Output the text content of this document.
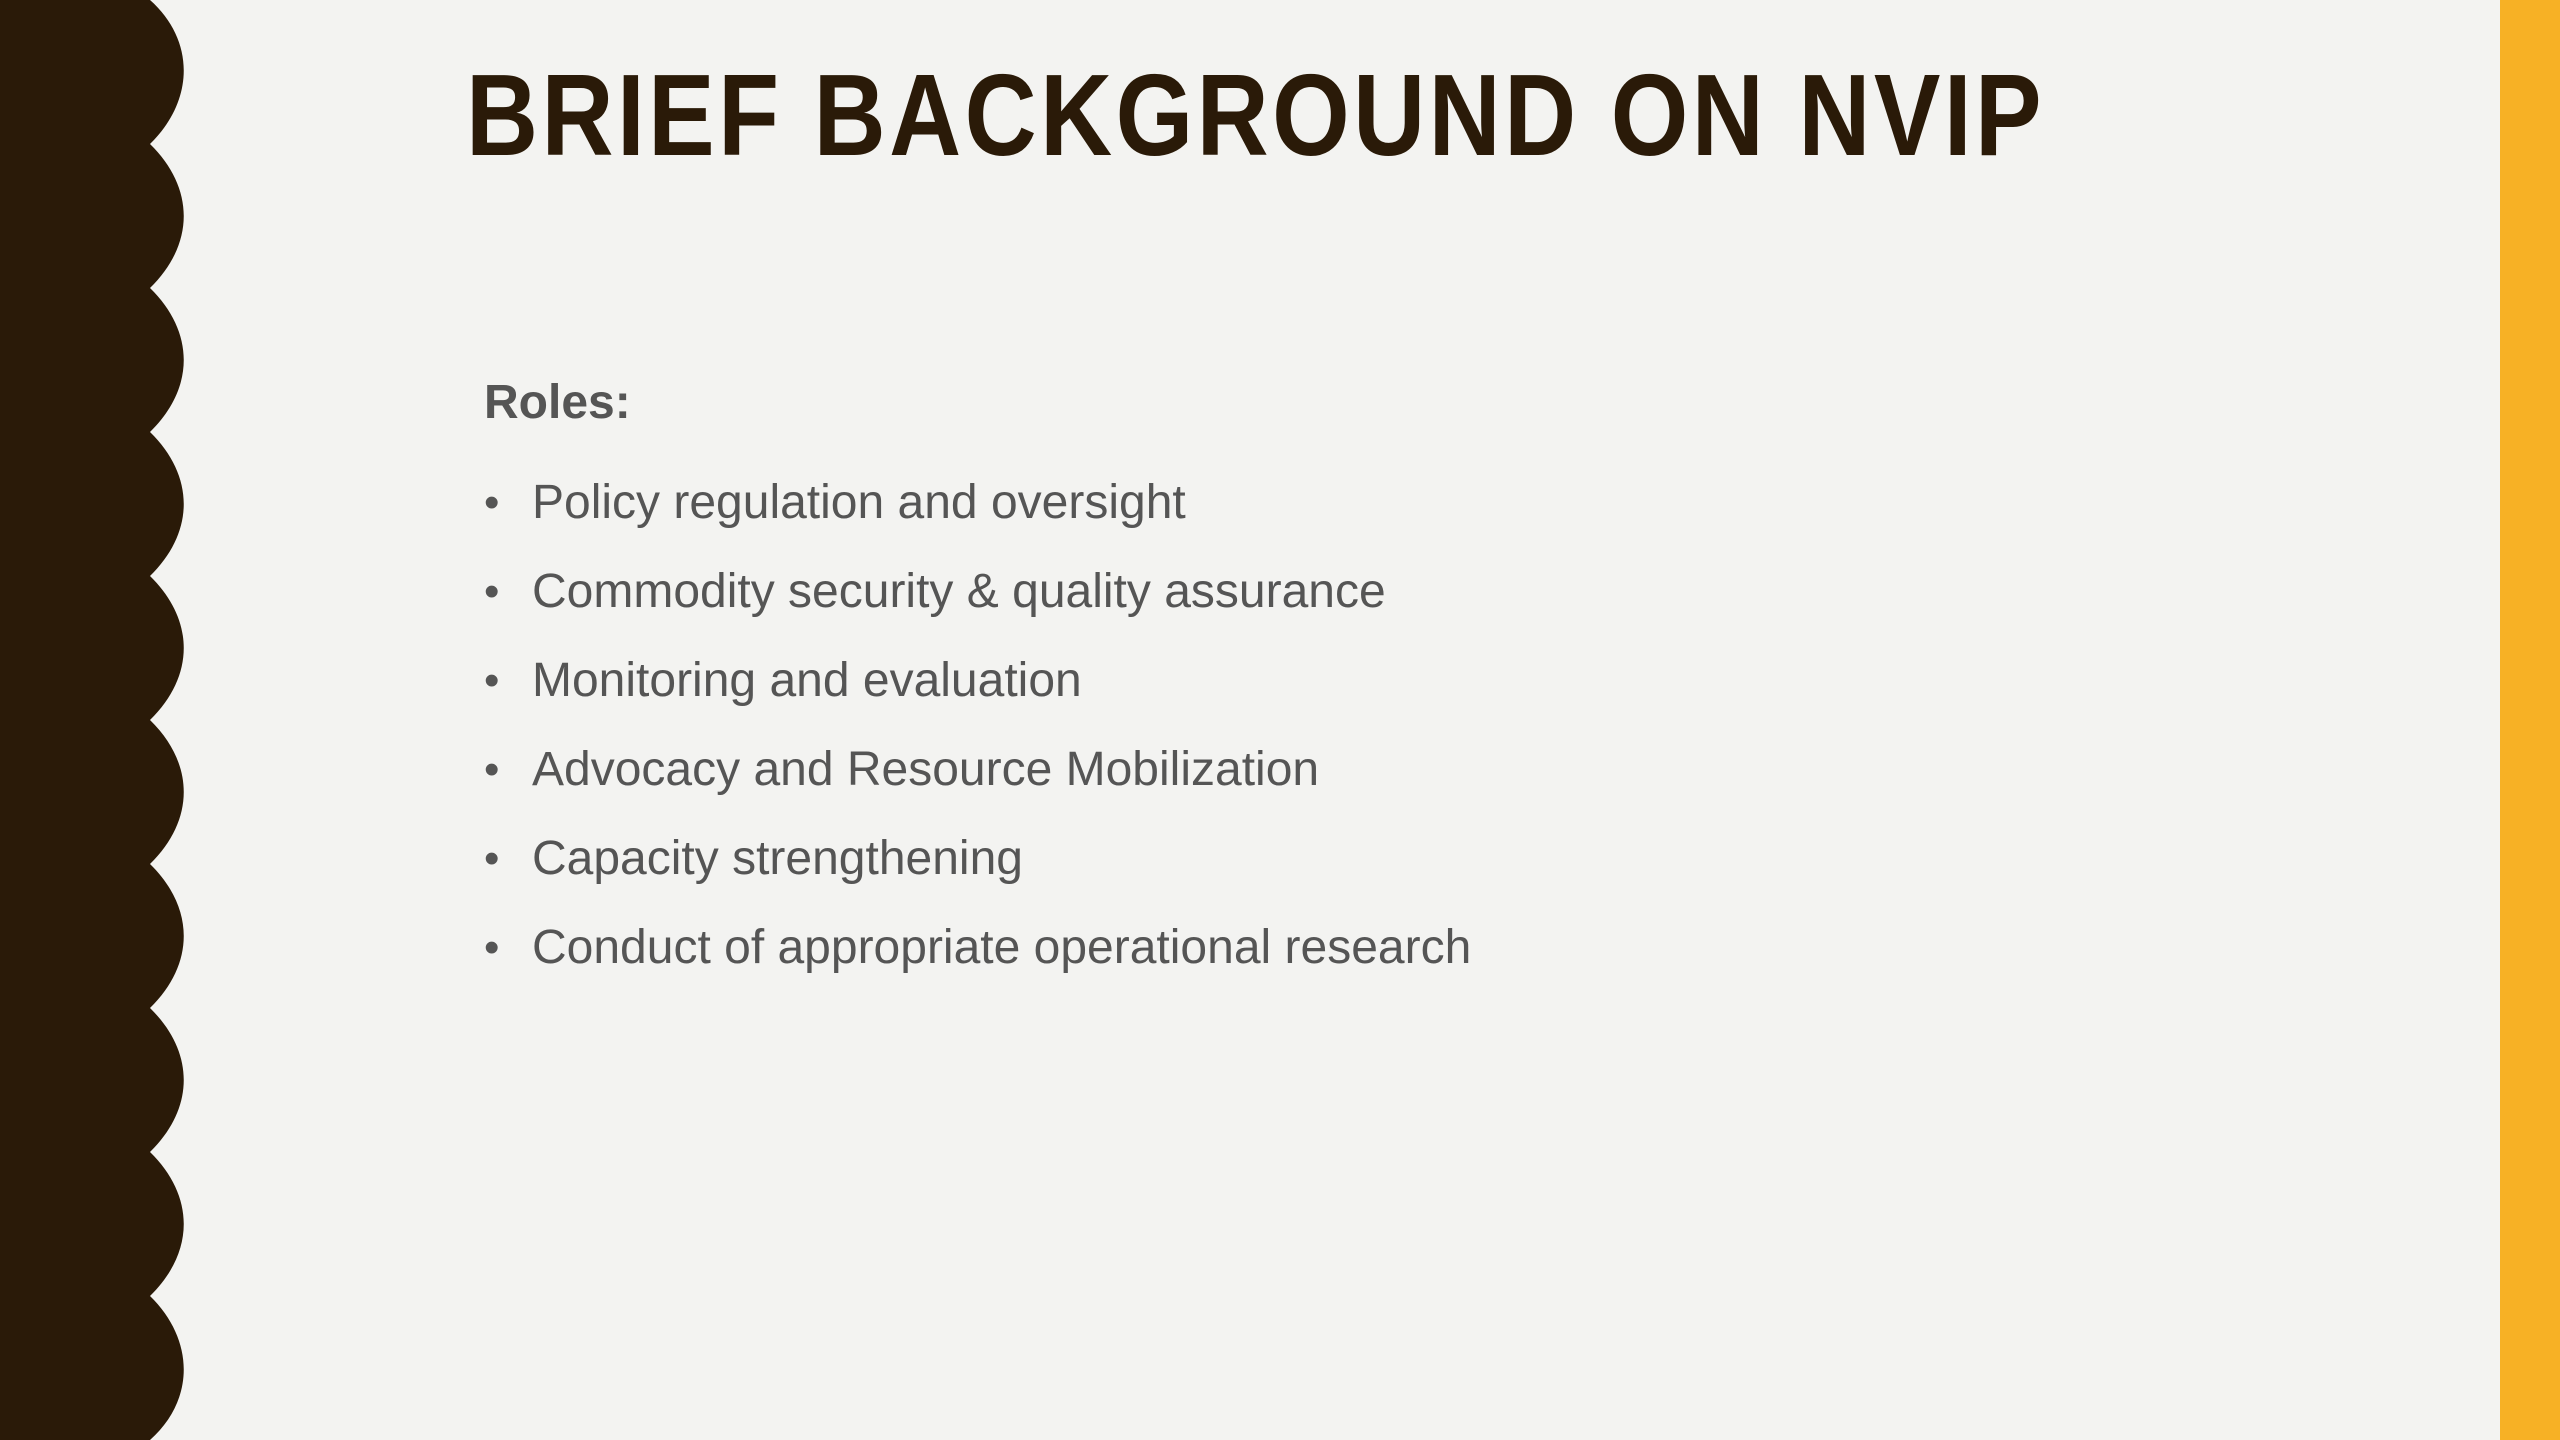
BRIEF BACKGROUND ON NVIP
Roles:
• Policy regulation and oversight
• Commodity security & quality assurance
• Monitoring and evaluation
• Advocacy and Resource Mobilization
• Capacity strengthening
• Conduct of appropriate operational research
